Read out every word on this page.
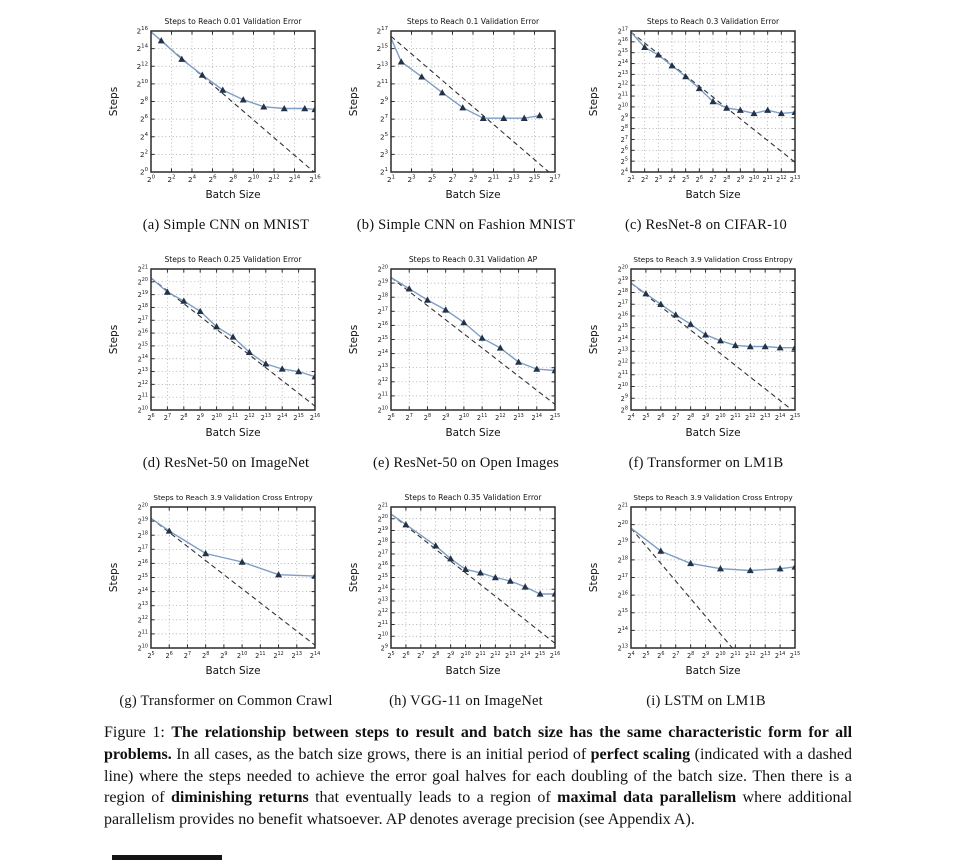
$2^0$ $2^2$ $2^4$ $2^6$ $2^8$ $2^{10}$ $2^{12}$ $2^{14}$ $2^{16}$
$2^0$
$2^2$
$2^4$
$2^6$
$2^8$
$2^{10}$
$2^{12}$
$2^{14}$
$2^{16}$
Steps to Reach 0.01 Validation Error
Steps
Batch Size
(a) Simple CNN on MNIST
$2^1$ $2^3$ $2^5$ $2^7$ $2^9$ $2^{11}$ $2^{13}$ $2^{15}$ $2^{17}$
$2^1$
$2^3$
$2^5$
$2^7$
$2^9$
$2^{11}$
$2^{13}$
$2^{15}$
$2^{17}$
Steps to Reach 0.1 Validation Error
Steps
Batch Size
(b) Simple CNN on Fashion MNIST
$2^1$ $2^2$ $2^3$ $2^4$ $2^5$ $2^6$ $2^7$ $2^8$ $2^9$ $2^{10}$ $2^{11}$ $2^{12}$ $2^{13}$
$2^4$
$2^5$
$2^6$
$2^7$
$2^8$
$2^9$
$2^{10}$
$2^{11}$
$2^{12}$
$2^{13}$
$2^{14}$
$2^{15}$
$2^{16}$
$2^{17}$
Steps to Reach 0.3 Validation Error
Steps
Batch Size
(c) ResNet-8 on CIFAR-10
$2^6$ $2^7$ $2^8$ $2^9$ $2^{10}$ $2^{11}$ $2^{12}$ $2^{13}$ $2^{14}$ $2^{15}$ $2^{16}$
$2^{10}$
$2^{11}$
$2^{12}$
$2^{13}$
$2^{14}$
$2^{15}$
$2^{16}$
$2^{17}$
$2^{18}$
$2^{19}$
$2^{20}$
$2^{21}$
Steps to Reach 0.25 Validation Error
Steps
Batch Size
(d) ResNet-50 on ImageNet
$2^6$ $2^7$ $2^8$ $2^9$ $2^{10}$ $2^{11}$ $2^{12}$ $2^{13}$ $2^{14}$ $2^{15}$
$2^{10}$
$2^{11}$
$2^{12}$
$2^{13}$
$2^{14}$
$2^{15}$
$2^{16}$
$2^{17}$
$2^{18}$
$2^{19}$
$2^{20}$
Steps to Reach 0.31 Validation AP
Steps
Batch Size
(e) ResNet-50 on Open Images
$2^4$ $2^5$ $2^6$ $2^7$ $2^8$ $2^9$ $2^{10}$ $2^{11}$ $2^{12}$ $2^{13}$ $2^{14}$ $2^{15}$
$2^8$
$2^9$
$2^{10}$
$2^{11}$
$2^{12}$
$2^{13}$
$2^{14}$
$2^{15}$
$2^{16}$
$2^{17}$
$2^{18}$
$2^{19}$
$2^{20}$
Steps to Reach 3.9 Validation Cross Entropy
Steps
Batch Size
(f) Transformer on LM1B
$2^5$ $2^6$ $2^7$ $2^8$ $2^9$ $2^{10}$ $2^{11}$ $2^{12}$ $2^{13}$ $2^{14}$
$2^{10}$
$2^{11}$
$2^{12}$
$2^{13}$
$2^{14}$
$2^{15}$
$2^{16}$
$2^{17}$
$2^{18}$
$2^{19}$
$2^{20}$
Steps to Reach 3.9 Validation Cross Entropy
Steps
Batch Size
(g) Transformer on Common Crawl
$2^5$ $2^6$ $2^7$ $2^8$ $2^9$ $2^{10}$ $2^{11}$ $2^{12}$ $2^{13}$ $2^{14}$ $2^{15}$ $2^{16}$
$2^9$
$2^{10}$
$2^{11}$
$2^{12}$
$2^{13}$
$2^{14}$
$2^{15}$
$2^{16}$
$2^{17}$
$2^{18}$
$2^{19}$
$2^{20}$
$2^{21}$
Steps to Reach 0.35 Validation Error
Steps
Batch Size
(h) VGG-11 on ImageNet
$2^4$ $2^5$ $2^6$ $2^7$ $2^8$ $2^9$ $2^{10}$ $2^{11}$ $2^{12}$ $2^{13}$ $2^{14}$ $2^{15}$
$2^{13}$
$2^{14}$
$2^{15}$
$2^{16}$
$2^{17}$
$2^{18}$
$2^{19}$
$2^{20}$
$2^{21}$
Steps to Reach 3.9 Validation Cross Entropy
Steps
Batch Size
(i) LSTM on LM1B

Figure 1: The relationship between steps to result and batch size has the same characteristic form for all problems. In all cases, as the batch size grows, there is an initial period of perfect scaling (indicated with a dashed line) where the steps needed to achieve the error goal halves for each doubling of the batch size. Then there is a region of diminishing returns that eventually leads to a region of maximal data parallelism where additional parallelism provides no benefit whatsoever. AP denotes average precision (see Appendix A).
